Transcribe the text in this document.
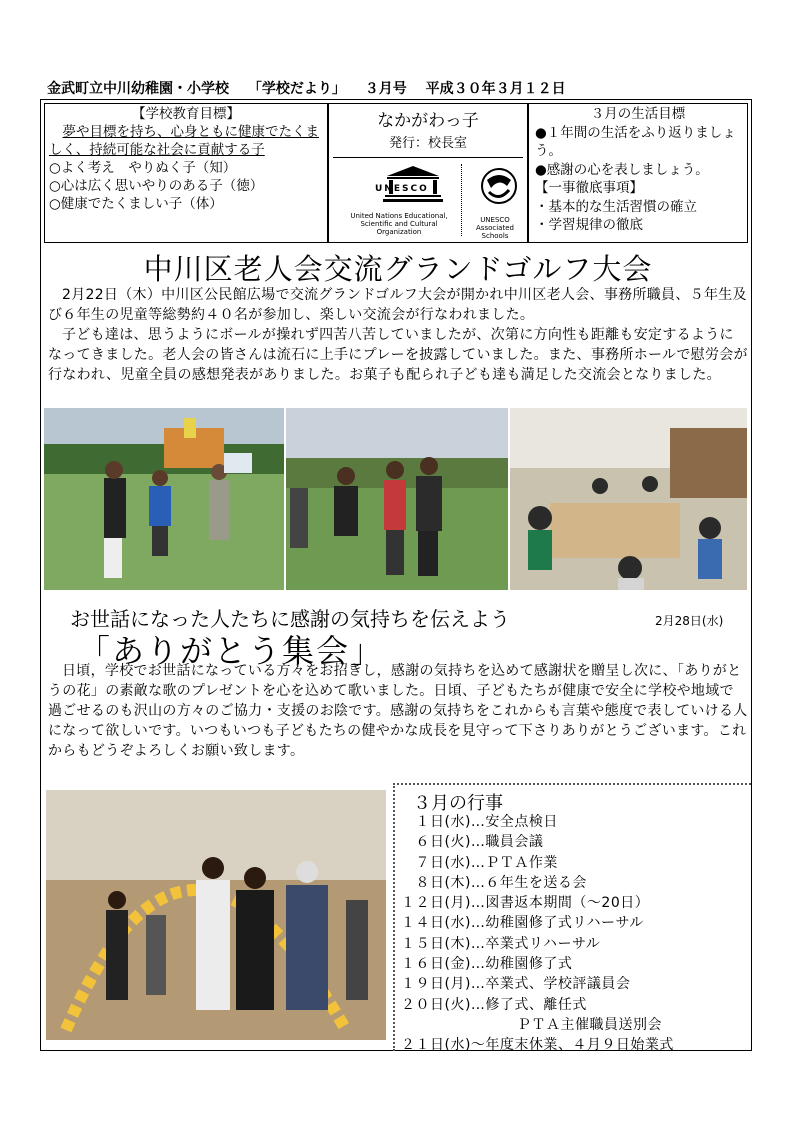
金武町立中川幼稚園・小学校 「学校だより」 ３月号 平成３０年３月１２日
【学校教育目標】
夢や目標を持ち、心身ともに健康でたくましく、持続可能な社会に貢献する子
○よく考え　やりぬく子（知）
○心は広く思いやりのある子（徳）
○健康でたくましい子（体）
なかがわっ子
発行：校長室
UNESCO
United Nations Educational, Scientific and Cultural Organization
UNESCO Associated Schools
３月の生活目標
●１年間の生活をふり返りましょう。
●感謝の心を表しましょう。
【一事徹底事項】
・基本的な生活習慣の確立
・学習規律の徹底
中川区老人会交流グランドゴルフ大会
2月22日（木）中川区公民館広場で交流グランドゴルフ大会が開かれ中川区老人会、事務所職員、５年生及び６年生の児童等総勢約４０名が参加し、楽しい交流会が行なわれました。
子ども達は、思うようにボールが操れず四苦八苦していましたが、次第に方向性も距離も安定するようになってきました。老人会の皆さんは流石に上手にプレーを披露していました。また、事務所ホールで慰労会が行なわれ、児童全員の感想発表がありました。お菓子も配られ子ども達も満足した交流会となりました。
お世話になった人たちに感謝の気持ちを伝えよう	2月28日(水)
「ありがとう集会」
日頃，学校でお世話になっている方々をお招きし，感謝の気持ちを込めて感謝状を贈呈し次に、「ありがとうの花」の素敵な歌のプレゼントを心を込めて歌いました。日頃、子どもたちが健康で安全に学校や地域で過ごせるのも沢山の方々のご協力・支援のお陰です。感謝の気持ちをこれからも言葉や態度で表していける人になって欲しいです。いつもいつも子どもたちの健やかな成長を見守って下さりありがとうございます。これからもどうぞよろしくお願い致します。
３月の行事
　１日(水)…安全点検日
　６日(火)…職員会議
　７日(水)…ＰＴＡ作業
　８日(木)…６年生を送る会
１２日(月)…図書返本期間（～20日）
１４日(水)…幼稚園修了式リハーサル
１５日(木)…卒業式リハーサル
１６日(金)…幼稚園修了式
１９日(月)…卒業式、学校評議員会
２０日(火)…修了式、離任式
　　　　　　　　ＰＴＡ主催職員送別会
２１日(水)～年度末休業、４月９日始業式
